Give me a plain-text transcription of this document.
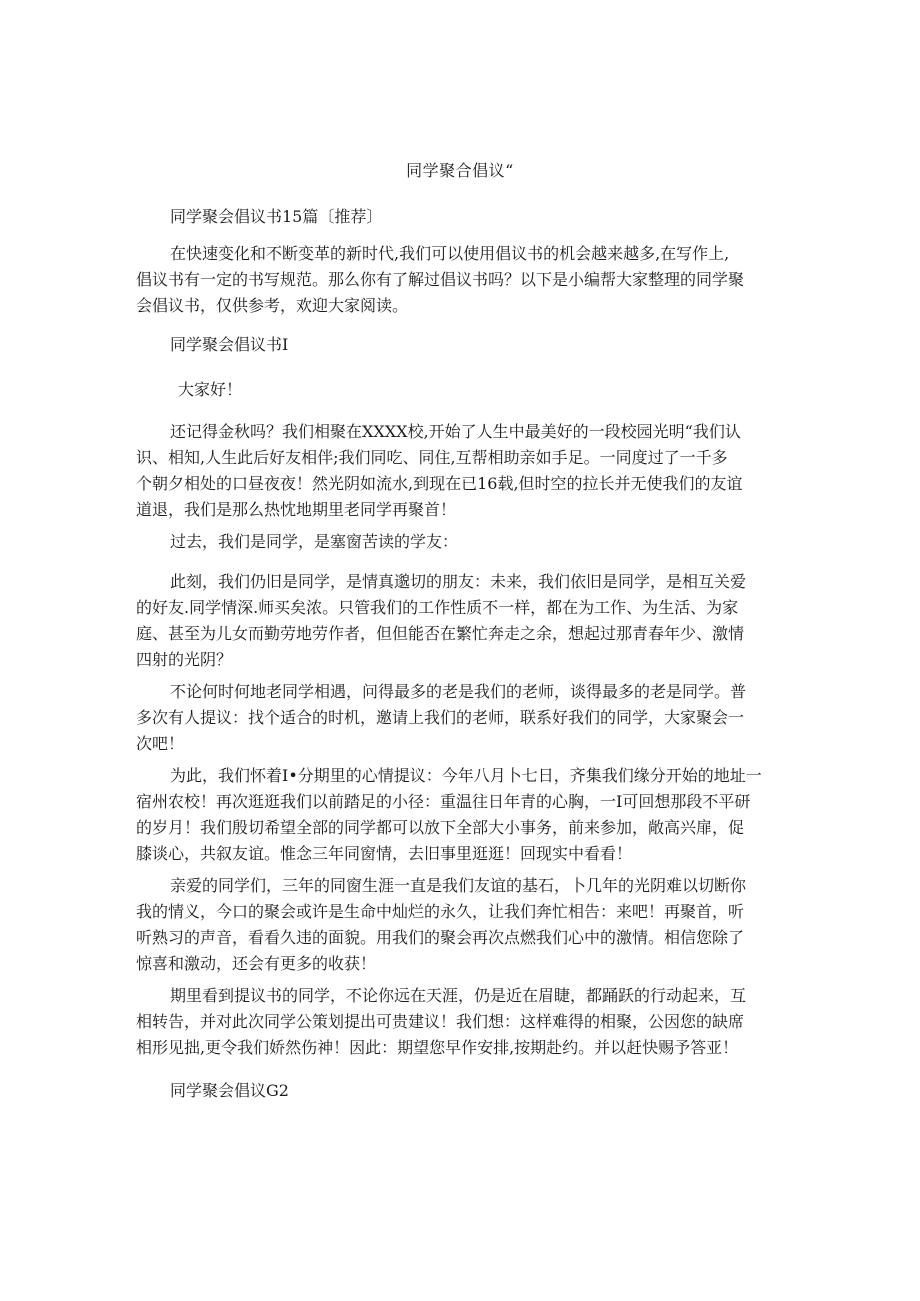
同学聚合倡议“
同学聚会倡议书15篇〔推荐〕
在快速变化和不断变革的新时代,我们可以使用倡议书的机会越来越多,在写作上,
倡议书有一定的书写规范。那么你有了解过倡议书吗？以下是小编帮大家整理的同学聚
会倡议书，仅供参考，欢迎大家阅读。
同学聚会倡议书I
大家好！
还记得金秋吗？我们相聚在XXXX校,开始了人生中最美好的一段校园光明“我们认
识、相知,人生此后好友相伴;我们同吃、同住,互帮相助亲如手足。一同度过了一千多
个朝夕相处的口昼夜夜！然光阴如流水,到现在已16载,但时空的拉长并无使我们的友谊
道退，我们是那么热忱地期里老同学再聚首！
过去，我们是同学，是塞窗苦读的学友：
此刻，我们仍旧是同学，是情真邈切的朋友：未来，我们依旧是同学，是相互关爱
的好友.同学情深.师买矣浓。只管我们的工作性质不一样，都在为工作、为生活、为家
庭、甚至为儿女而勤劳地劳作者，但但能否在繁忙奔走之余，想起过那青春年少、激情
四射的光阴？
不论何时何地老同学相遇，问得最多的老是我们的老师，谈得最多的老是同学。普
多次有人提议：找个适合的时机，邀请上我们的老师，联系好我们的同学，大家聚会一
次吧！
为此，我们怀着I•分期里的心情提议：今年八月卜七日，齐集我们缘分开始的地址一
宿州农校！再次逛逛我们以前踏足的小径：重温往日年青的心胸，一I可回想那段不平研
的岁月！我们殷切希望全部的同学都可以放下全部大小事务，前来参加，敞高兴扉，促
膝谈心，共叙友谊。惟念三年同窗情，去旧事里逛逛！回现实中看看！
亲爱的同学们，三年的同窗生涯一直是我们友谊的基石，卜几年的光阴难以切断你
我的情义，今口的聚会或许是生命中灿烂的永久，让我们奔忙相告：来吧！再聚首，听
听熟习的声音，看看久违的面貌。用我们的聚会再次点燃我们心中的激情。相信您除了
惊喜和激动，还会有更多的收获！
期里看到提议书的同学，不论你远在天涯，仍是近在眉睫，都踊跃的行动起来，互
相转告，并对此次同学公策划提出可贵建议！我们想：这样难得的相聚，公因您的缺席
相形见拙,更令我们娇然伤神！因此：期望您早作安排,按期赴约。并以赶快赐予答亚！
同学聚会倡议G2
